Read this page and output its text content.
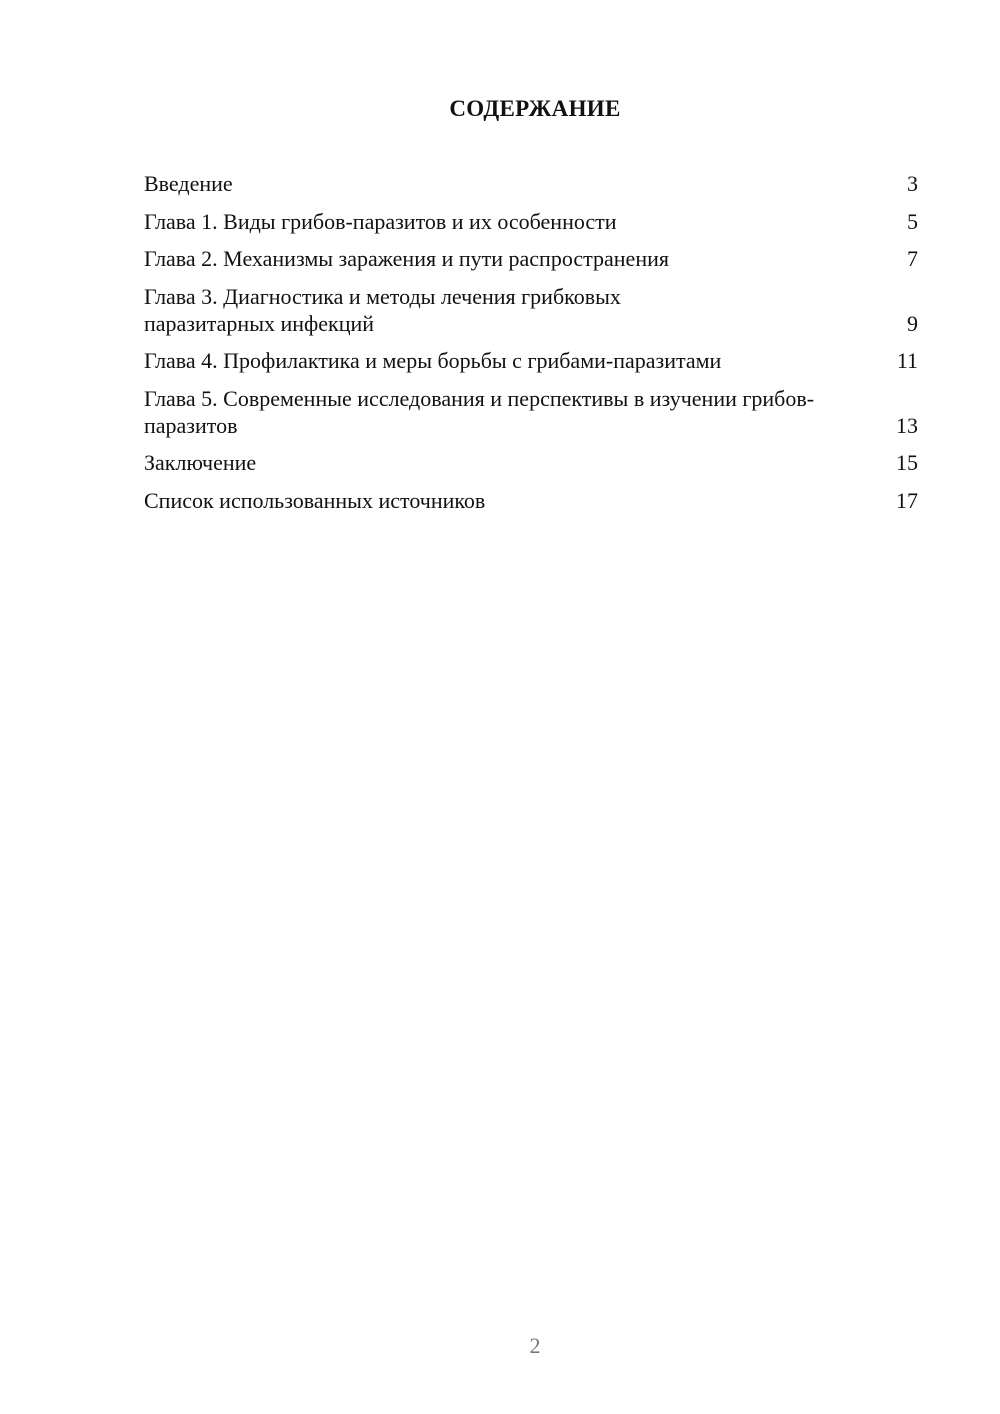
СОДЕРЖАНИЕ
Введение	3
Глава 1. Виды грибов-паразитов и их особенности	5
Глава 2. Механизмы заражения и пути распространения	7
Глава 3. Диагностика и методы лечения грибковых паразитарных инфекций	9
Глава 4. Профилактика и меры борьбы с грибами-паразитами	11
Глава 5. Современные исследования и перспективы в изучении грибов-паразитов	13
Заключение	15
Список использованных источников	17
2
